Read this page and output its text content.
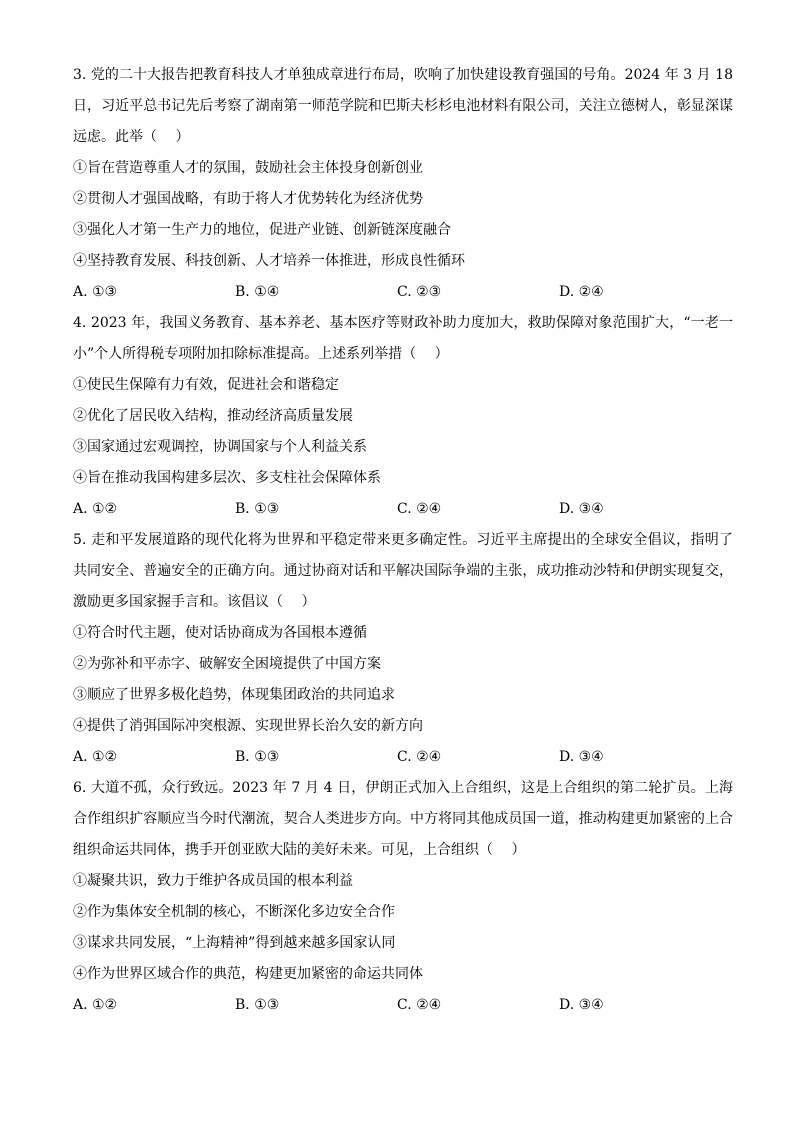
3. 党的二十大报告把教育科技人才单独成章进行布局，吹响了加快建设教育强国的号角。2024 年 3 月 18 日，习近平总书记先后考察了湖南第一师范学院和巴斯夫杉杉电池材料有限公司，关注立德树人，彰显深谋远虑。此举（　 ）

①旨在营造尊重人才的氛围，鼓励社会主体投身创新创业

②贯彻人才强国战略，有助于将人才优势转化为经济优势

③强化人才第一生产力的地位，促进产业链、创新链深度融合

④坚持教育发展、科技创新、人才培养一体推进，形成良性循环

A. ①③	B. ①④	C. ②③	D. ②④

4. 2023 年，我国义务教育、基本养老、基本医疗等财政补助力度加大，救助保障对象范围扩大，“一老一小”个人所得税专项附加扣除标准提高。上述系列举措（　 ）

①使民生保障有力有效，促进社会和谐稳定

②优化了居民收入结构，推动经济高质量发展

③国家通过宏观调控，协调国家与个人利益关系

④旨在推动我国构建多层次、多支柱社会保障体系

A. ①②	B. ①③	C. ②④	D. ③④

5. 走和平发展道路的现代化将为世界和平稳定带来更多确定性。习近平主席提出的全球安全倡议，指明了共同安全、普遍安全的正确方向。通过协商对话和平解决国际争端的主张，成功推动沙特和伊朗实现复交，激励更多国家握手言和。该倡议（　 ）

①符合时代主题，使对话协商成为各国根本遵循

②为弥补和平赤字、破解安全困境提供了中国方案

③顺应了世界多极化趋势，体现集团政治的共同追求

④提供了消弭国际冲突根源、实现世界长治久安的新方向

A. ①②	B. ①③	C. ②④	D. ③④

6. 大道不孤，众行致远。2023 年 7 月 4 日，伊朗正式加入上合组织，这是上合组织的第二轮扩员。上海合作组织扩容顺应当今时代潮流，契合人类进步方向。中方将同其他成员国一道，推动构建更加紧密的上合组织命运共同体，携手开创亚欧大陆的美好未来。可见，上合组织（　 ）

①凝聚共识，致力于维护各成员国的根本利益

②作为集体安全机制的核心，不断深化多边安全合作

③谋求共同发展，“上海精神”得到越来越多国家认同

④作为世界区域合作的典范，构建更加紧密的命运共同体

A. ①②	B. ①③	C. ②④	D. ③④
